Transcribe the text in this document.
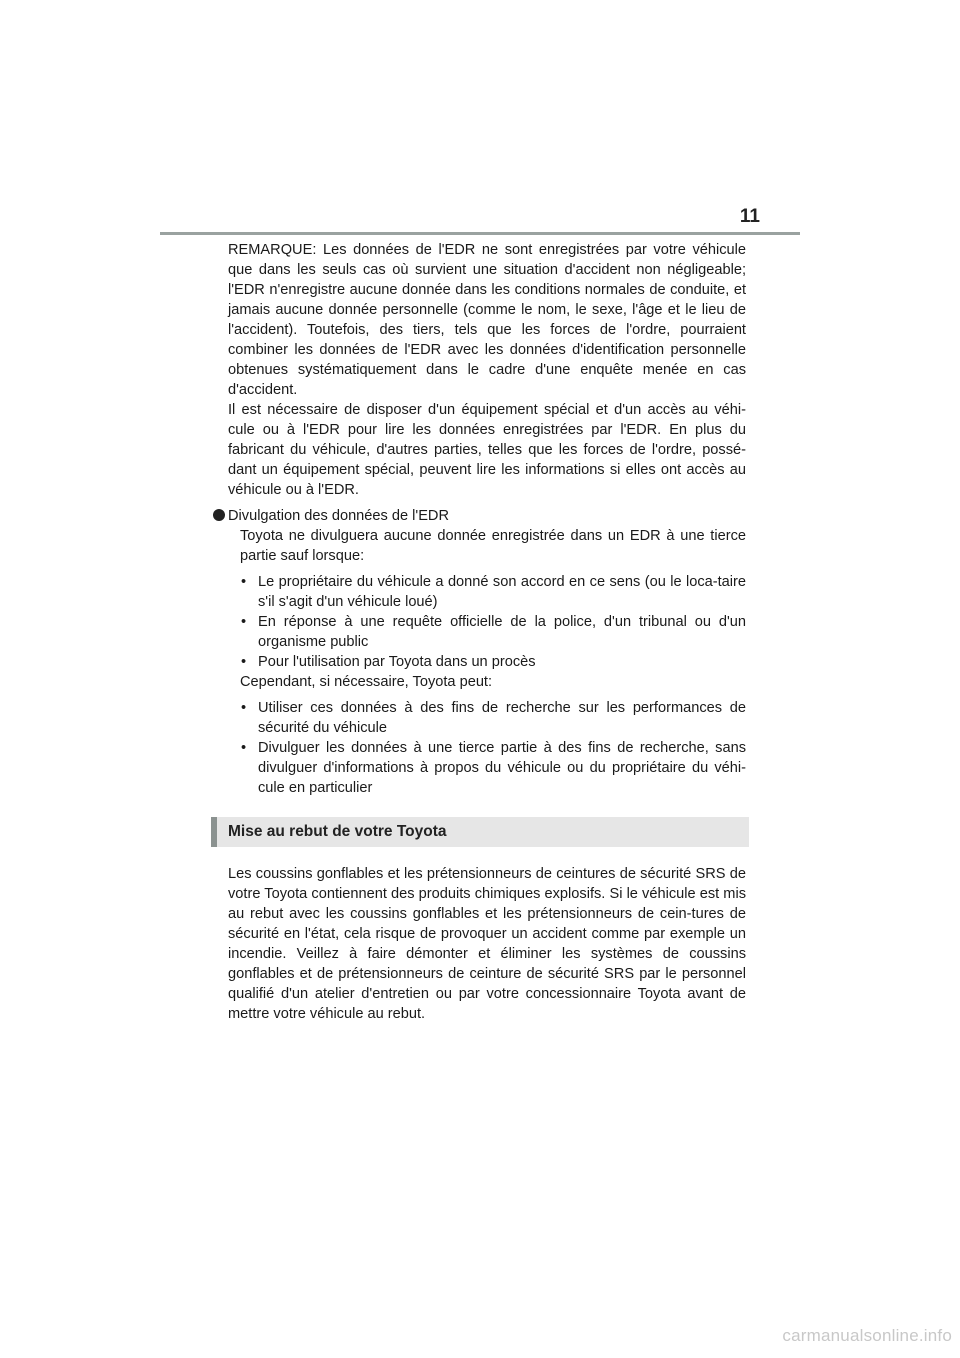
11

REMARQUE: Les données de l'EDR ne sont enregistrées par votre véhicule que dans les seuls cas où survient une situation d'accident non négligeable; l'EDR n'enregistre aucune donnée dans les conditions normales de conduite, et jamais aucune donnée personnelle (comme le nom, le sexe, l'âge et le lieu de l'accident). Toutefois, des tiers, tels que les forces de l'ordre, pourraient combiner les données de l'EDR avec les données d'identification personnelle obtenues systématiquement dans le cadre d'une enquête menée en cas d'accident.

Il est nécessaire de disposer d'un équipement spécial et d'un accès au véhi-cule ou à l'EDR pour lire les données enregistrées par l'EDR. En plus du fabricant du véhicule, d'autres parties, telles que les forces de l'ordre, possé-dant un équipement spécial, peuvent lire les informations si elles ont accès au véhicule ou à l'EDR.

Divulgation des données de l'EDR

Toyota ne divulguera aucune donnée enregistrée dans un EDR à une tierce partie sauf lorsque:

• Le propriétaire du véhicule a donné son accord en ce sens (ou le loca-taire s'il s'agit d'un véhicule loué)
• En réponse à une requête officielle de la police, d'un tribunal ou d'un organisme public
• Pour l'utilisation par Toyota dans un procès

Cependant, si nécessaire, Toyota peut:

• Utiliser ces données à des fins de recherche sur les performances de sécurité du véhicule
• Divulguer les données à une tierce partie à des fins de recherche, sans divulguer d'informations à propos du véhicule ou du propriétaire du véhi-cule en particulier
Mise au rebut de votre Toyota

Les coussins gonflables et les prétensionneurs de ceintures de sécurité SRS de votre Toyota contiennent des produits chimiques explosifs. Si le véhicule est mis au rebut avec les coussins gonflables et les prétensionneurs de cein-tures de sécurité en l'état, cela risque de provoquer un accident comme par exemple un incendie. Veillez à faire démonter et éliminer les systèmes de coussins gonflables et de prétensionneurs de ceinture de sécurité SRS par le personnel qualifié d'un atelier d'entretien ou par votre concessionnaire Toyota avant de mettre votre véhicule au rebut.

carmanualsonline.info
